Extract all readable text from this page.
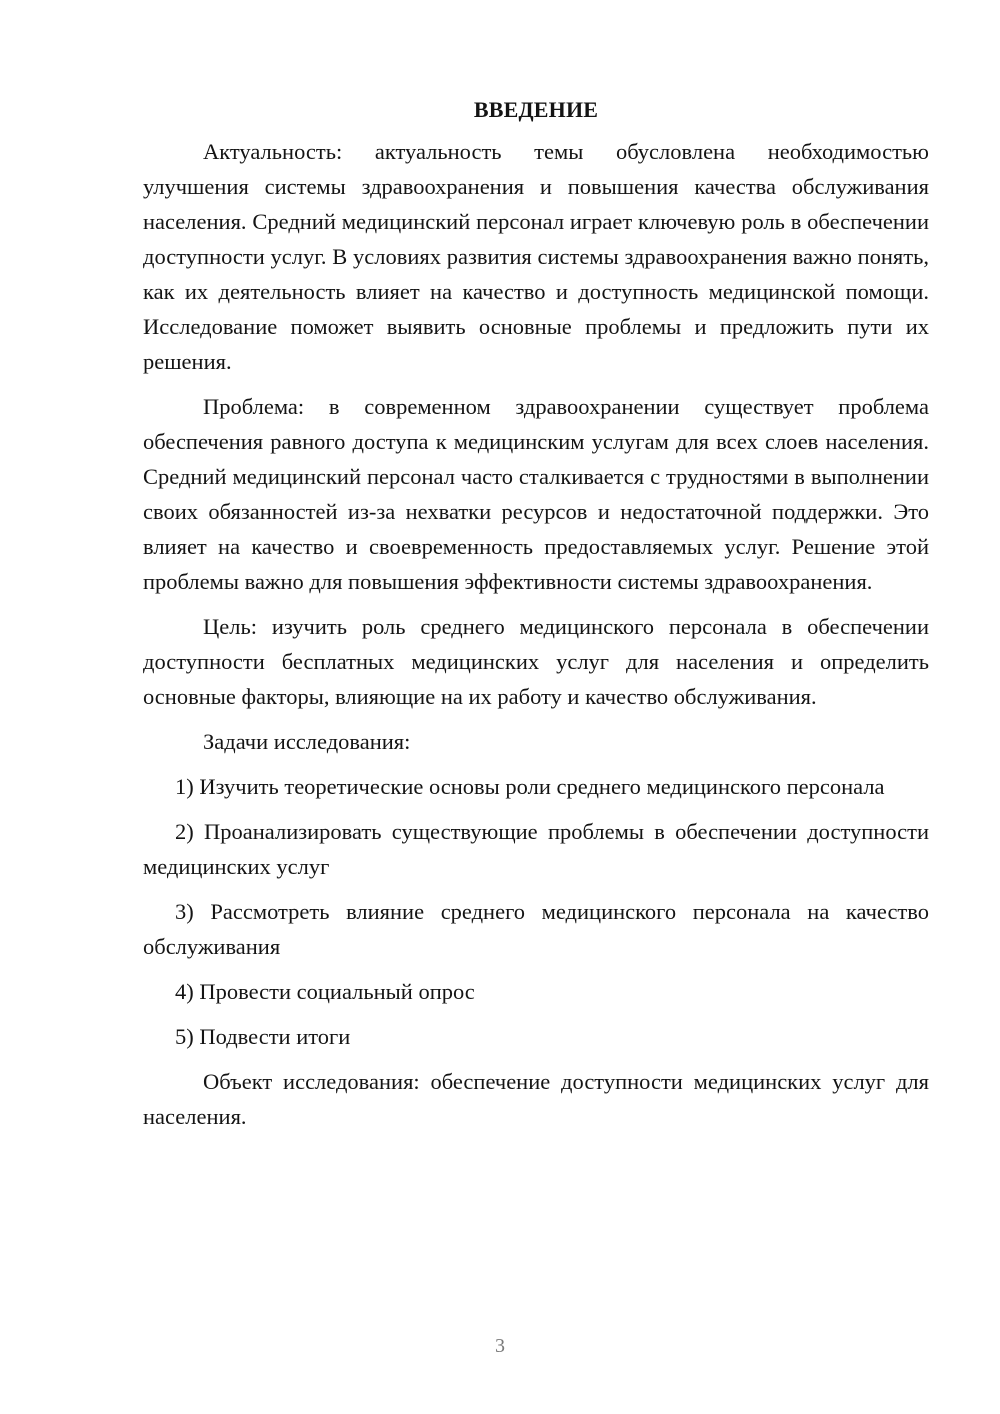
ВВЕДЕНИЕ

Актуальность: актуальность темы обусловлена необходимостью улучшения системы здравоохранения и повышения качества обслуживания населения. Средний медицинский персонал играет ключевую роль в обеспечении доступности услуг. В условиях развития системы здравоохранения важно понять, как их деятельность влияет на качество и доступность медицинской помощи. Исследование поможет выявить основные проблемы и предложить пути их решения.

Проблема: в современном здравоохранении существует проблема обеспечения равного доступа к медицинским услугам для всех слоев населения. Средний медицинский персонал часто сталкивается с трудностями в выполнении своих обязанностей из-за нехватки ресурсов и недостаточной поддержки. Это влияет на качество и своевременность предоставляемых услуг. Решение этой проблемы важно для повышения эффективности системы здравоохранения.

Цель: изучить роль среднего медицинского персонала в обеспечении доступности бесплатных медицинских услуг для населения и определить основные факторы, влияющие на их работу и качество обслуживания.

Задачи исследования:

1) Изучить теоретические основы роли среднего медицинского персонала

2) Проанализировать существующие проблемы в обеспечении доступности медицинских услуг

3) Рассмотреть влияние среднего медицинского персонала на качество обслуживания

4) Провести социальный опрос

5) Подвести итоги

Объект исследования: обеспечение доступности медицинских услуг для населения.

3
